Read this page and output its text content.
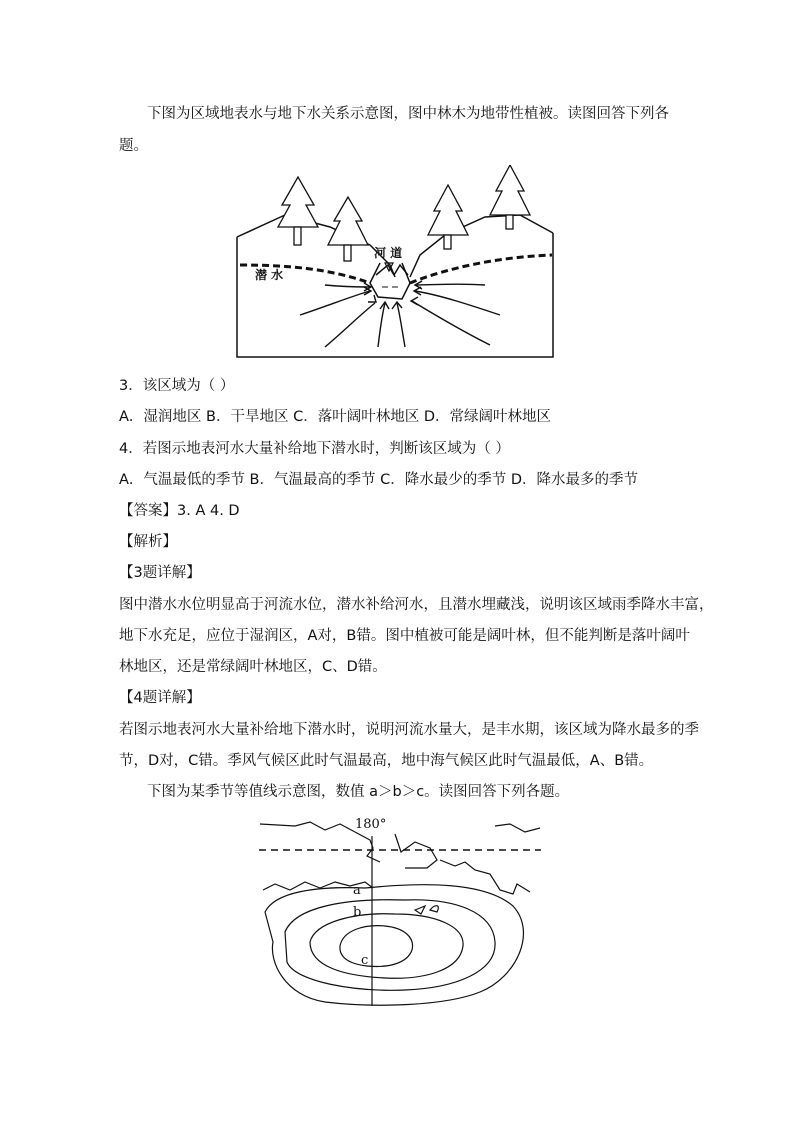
下图为区域地表水与地下水关系示意图，图中林木为地带性植被。读图回答下列各
题。
河 道
潜 水
3．该区域为（ ）
A．湿润地区 B．干旱地区 C．落叶阔叶林地区 D．常绿阔叶林地区
4．若图示地表河水大量补给地下潜水时，判断该区域为（ ）
A．气温最低的季节 B．气温最高的季节 C．降水最少的季节 D．降水最多的季节
【答案】3. A 4. D
【解析】
【3题详解】
图中潜水水位明显高于河流水位，潜水补给河水，且潜水埋藏浅，说明该区域雨季降水丰富，
地下水充足，应位于湿润区，A对，B错。图中植被可能是阔叶林，但不能判断是落叶阔叶
林地区，还是常绿阔叶林地区，C、D错。
【4题详解】
若图示地表河水大量补给地下潜水时，说明河流水量大，是丰水期，该区域为降水最多的季
节，D对，C错。季风气候区此时气温最高，地中海气候区此时气温最低，A、B错。
下图为某季节等值线示意图，数值 a＞b＞c。读图回答下列各题。
180°
a
b
c
